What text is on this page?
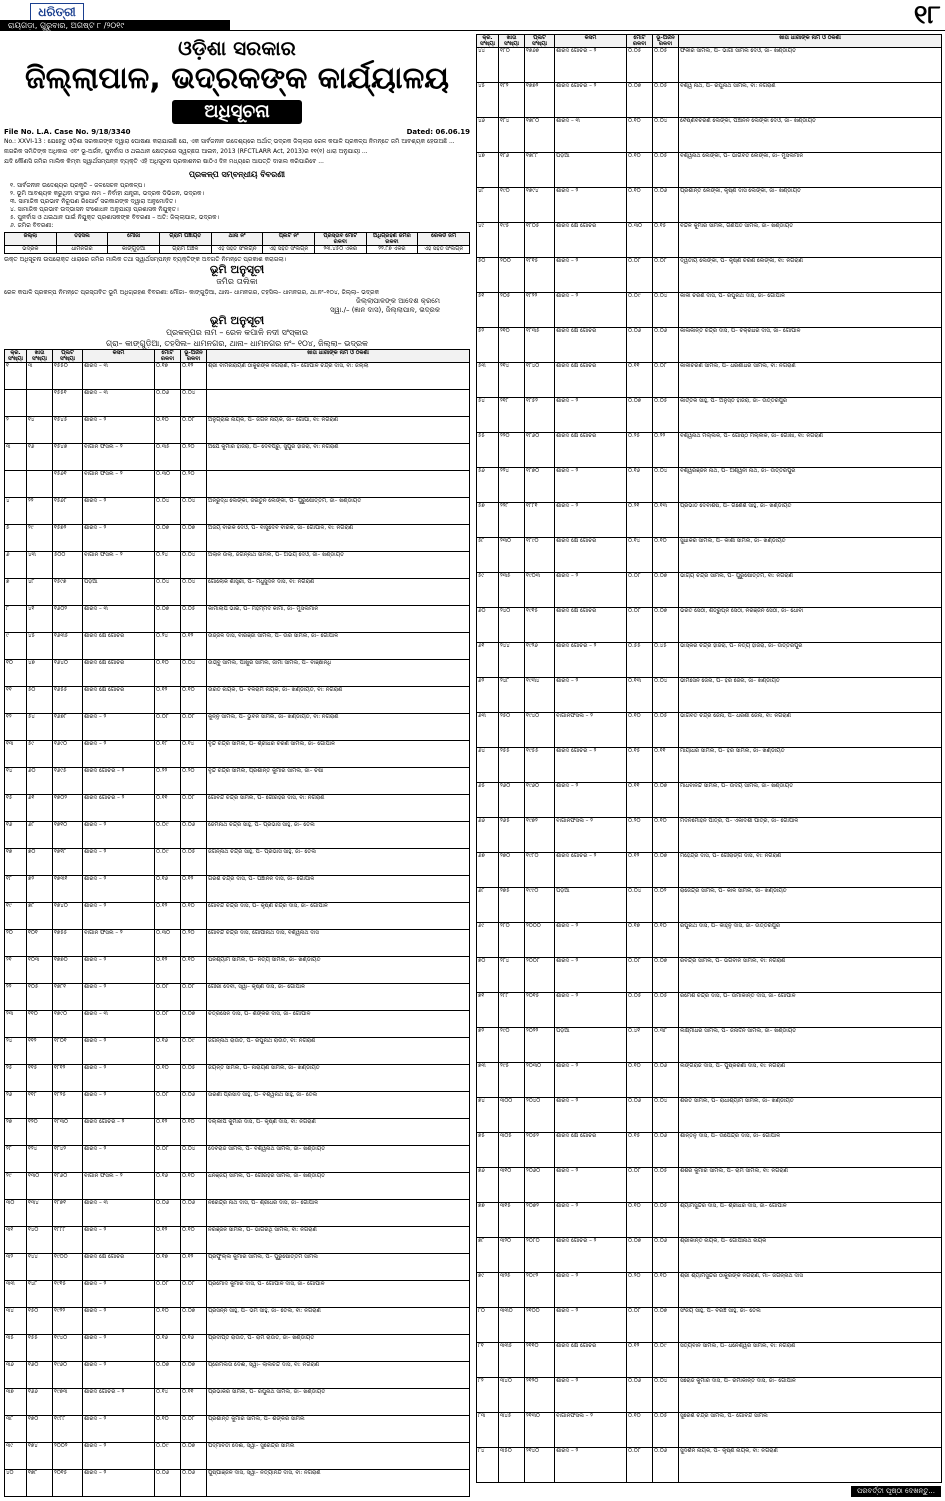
ଧରିତ୍ରୀ
ରାୟଗଡ଼ା, ଗୁରୁବାର, ଅଗଷ୍ଟ ୮ /୨୦୧୯	୧୮
ଓଡ଼ିଶା ସରକାର
ଜିଲ୍ଲାପାଳ, ଭଦ୍ରକଙ୍କ କାର୍ଯ୍ୟାଳୟ
ଅଧିସୂଚନା
File No. L.A. Case No. 9/18/3340	Dated: 06.06.19
No.: XXVI-13 : ଯେହେତୁ ଓଡ଼ିଶା ସରକାରଙ୍କ ଦ୍ୱାରା ଘୋଷଣା କରାଯାଇଛି ଯେ, ଏକ ସାର୍ବଜନୀନ ଉଦ୍ଦେଶ୍ୟରେ ଅର୍ଥାତ୍ ଭଦ୍ରକ ଜିଲ୍ଲାର ରେଳ କପାଳି ପ୍ରକଳ୍ପ ନିମନ୍ତେ ଜମି ଆବଶ୍ୟକ ହେଉଅଛି ...
ନାଗରିକ ସମିତିଙ୍କ ଅଧିକାର ଏବଂ ଭୂ-ଅର୍ଜନ, ପୁନର୍ବାସ ଓ ଥଇଥାନ କ୍ଷେତ୍ରରେ ସ୍ୱଚ୍ଛତା ଆଇନ, 2013 (RFCTLARR Act, 2013)ର ୧୧(୧) ଧାରା ଅନୁଯାୟୀ ...
ଯଦି କୌଣସି ଜମିର ମାଲିକ କିମ୍ବା ସ୍ୱାର୍ଥସମ୍ପନ୍ନ ବ୍ୟକ୍ତି ଏହି ଅଧିସୂଚନା ପ୍ରକାଶନର ଷାଠିଏ ଦିନ ମଧ୍ୟରେ ଆପତ୍ତି ଦାଖଲ କରିପାରିବେ ...
ପ୍ରକଳ୍ପ ସମ୍ବନ୍ଧୀୟ ବିବରଣୀ
୧. ସାର୍ବଜନୀନ ଉଦ୍ଦେଶ୍ୟର ପ୍ରକୃତି – ଜଳସେଚନ ପ୍ରକଳ୍ପ।
୨. ଭୂମି ଆବଶ୍ୟକ କରୁଥିବା ସଂସ୍ଥାର ନାମ – ନିର୍ବାହୀ ଯନ୍ତ୍ରୀ, ଭଦ୍ରକ ଡିଭିଜନ, ଭଦ୍ରକ।
୩. ସାମାଜିକ ପ୍ରଭାବ ନିରୂପଣ ରିପୋର୍ଟ ସରକାରଙ୍କ ଦ୍ୱାରା ଅନୁମୋଦିତ।
୪. ସାମାଜିକ ପ୍ରଭାବ ଉଦ୍ଭାସନ ସଂଶୋଧନ ଅନୁଯାୟୀ ପ୍ରଶାସକ ନିଯୁକ୍ତ।
୫. ପୁନର୍ବାସ ଓ ଥଇଥାନ ପାଇଁ ନିଯୁକ୍ତ ପ୍ରଶାସକଙ୍କ ବିବରଣୀ – ଅତି: ଜିଲ୍ଲାପାଳ, ଭଦ୍ରକ।
୬. ଜମିର ବିବରଣୀ:
ଜିଲ୍ଲା	ତହସିଲ	ମୌଜା	ଗ୍ରାମ ପଞ୍ଚାୟତ	ଥାନା ନଂ	ପ୍ଲଟ ନଂ	ପ୍ରସ୍ତାବ ମୋଟ ରକବା	ଅଧିଗ୍ରହଣ ଜମିର ରକବା	ରେକର୍ଡ ଜମି
ଭଦ୍ରକ	ଧାମନଗର	କାଙ୍ଗୁଡ଼ିଆ	ଗ୍ରାମ ଅଞ୍ଚଳ	ଏହି ସହିତ ସଂଲଗ୍ନ	ଏହି ସହିତ ସଂଲଗ୍ନ	୨୩.୪୫୦ ଏକର	୨୨.୮୭ ଏକର	ଏହି ସହିତ ସଂଲଗ୍ନ
ଉକ୍ତ ଅଧିସୂଚନା ଉପରୋକ୍ତ ଧାରାରେ ଜମିର ମାଲିକ ତଥା ସ୍ୱାର୍ଥସମ୍ପନ୍ନ ବ୍ୟକ୍ତିଙ୍କ ଅବଗତି ନିମନ୍ତେ ପ୍ରକାଶ କରାଗଲା।
ଭୂମି ଅନୁସୂଚୀ
ଜମିର ତାଲିକା
ରେଳ କପାଳି ପ୍ରକଳ୍ପ ନିମନ୍ତେ ପ୍ରସ୍ତାବିତ ଭୂମି ଅଧିଗ୍ରହଣ ବିବରଣୀ: ମୌଜା– କାଙ୍ଗୁଡ଼ିଆ, ଥାନା– ଧାମନଗର, ତହସିଲ– ଧାମନଗର, ଥା.ନଂ–୧୦୪, ଜିଲ୍ଲା– ଭଦ୍ରକ
ଜିଲ୍ଲାପାଳଙ୍କ ଆଦେଶ କ୍ରମେ
ସ୍ୱା./– (ଜ୍ଞାନ ଦାସ), ଜିଲ୍ଲାପାଳ, ଭଦ୍ରକ
ଭୂମି ଅନୁସୂଚୀ
ପ୍ରକଳ୍ପର ନାମ – ରେଳ କପାଳି ନଦୀ ସଂସ୍କାର
ଗ୍ରା– କାଙ୍ଗୁଡ଼ିଆ, ତହସିଲ– ଧାମନଗର, ଥାନା– ଧାମନଗର ନଂ– ୧୦୪, ଜିଲ୍ଲା– ଭଦ୍ରକ
କ୍ର. ସଂଖ୍ୟା	ଖାତା ସଂଖ୍ୟା	ପ୍ଲଟ ସଂଖ୍ୟା	କିସମ	ମୋଟ ରକବା	ଭୂ-ଅର୍ଜନ ରକବା	ଖାତା ଧାରୀଙ୍କ ନାମ ଓ ଠିକଣା
୧	୩	୧୫୫୦	ଶାରଦ – ୩	୦.୧୭	୦.୧୨	ଶ୍ରୀ ବାମନାରାୟଣ ଠାକୁରଙ୍କ ନିଗରାଣି, ମା– ଗୋପାଳ ଚନ୍ଦ୍ର ଦାସ, ବା: ଜିଲ୍ଲା
		୧୫୫୧	ଶାରଦ – ୩	୦.୦୬	୦.୦୪	
୨	୧୪	୧୫୪୫	ଶାରଦ – ୨	୦.୧୦	୦.୦୮	ଅନୁଗ୍ରାଇ ନାୟକ, ପି– ଜଗିନ ନାୟକ, ଜା– ଗୋପା, ବା: ନିଗରାଣି
୩	୧୬	୧୫୪୭	ବାଗାନ ଫସଲ – ୨	୦.୩୫	୦.୨୦	ଅଯେ କୁମାର ହାଜରା, ପି– ଦେବିପ୍ରୁ, ସୁପୁରି ହାଜରା, ବା: ନିଗରାଣି
		୧୫୬୧	ବାଗାନ ଫସଲ – ୨	୦.୩୦	୦.୨୦	
୪	୨୨	୧୫୬୮	ଶାରଦ – ୨	୦.୦୪	୦.୦୪	ଅନିରୁଦ୍ଧ ଲେଙ୍କା, ଜଇତୁନ ଲେଙ୍କା, ପି– ପୁରୁଷୋତ୍ତମ, ଜା– ଖଣ୍ଡାୟତ
୫	୨୯	୧୫୭୨	ଶାରଦ – ୨	୦.୦୭	୦.୦୭	ଅଜୟ ବାରିକ ଦେଓ, ପି– ବାସୁଦେବ ବାରିକ, ଜା– ଗୋପାଳ, ବା: ନିଗରାଣି
୬	୪୩	୫୦୦	ବାଗାନ ଫସଲ – ୨	୦.୨୪	୦.୦୪	ଅଲାନ ଉଲା, ଜଗନ୍ନାଥ ସାମଲ, ପି– ଅଭୟ ଦେଓ, ଜା– ଖଣ୍ଡାୟତ
୭	୪୮	୧୫୯୭	ପଡ଼ିଆ	୦.୦୪	୦.୦୪	ଗୋଲୋକ ଶାସ୍ତ୍ରୀ, ପି– ମଧୁସୁଦନ ଦାସ, ବା: ନିଗରାଣି
୮	୪୧	୧୬୦୨	ଶାରଦ – ୩	୦.୦୭	୦.୦୫	କାମାଲାପ ଭାଇ, ପି– ମହମ୍ମଦ କାମା, ଜା– ମୁସଲମାନ
୯	୪୫	୧୬୩୫	ଶାରଦ କ୍ଷେ ଗୋଚର	୦.୨୪	୦.୧୨	ଉଜ୍ଜଳ ଦାସ, ବାରଞ୍ଜା ସାମଲ, ପି– ଉରି ସାମଲ, ଜା– ଗୋପାଳ
୧୦	୪୭	୧୬୪୦	ଶାରଦ କ୍ଷେ ଗୋଚର	୦.୧୦	୦.୦୪	ଉର୍ଭ୍ବୁ ସାମଲ, ପାଖୁରି ସାମଲ, ଜାମା ସାମଲ, ପି– ବାଞ୍ଛାନିଧି
୧୧	୫୦	୧୬୫୫	ଶାରଦ କ୍ଷେ ଗୋଚର	୦.୧୨	୦.୧୦	ଉରିତି ନାୟକ, ପି– ବଳରାମ ନାୟକ, ଜା– ଖଣ୍ଡାୟତ, ବା: ନିଗରାଣି
୧୨	୫୪	୧୬୭୮	ଶାରଦ – ୨	୦.୦୮	୦.୦୮	କୁନ୍ନୁ ସାମଲ, ପି– ଭୁବନ ସାମଲ, ଜା– ଖଣ୍ଡାୟତ, ବା: ନିଗରାଣି
୧୩	୫୯	୧୬୯୦	ଶାରଦ – ୨	୦.୧୮	୦.୧୪	ବୃନ୍ଦ ଚନ୍ଦ୍ର ସାମଲ, ପି– ଶ୍ରୀଧର ଚରଣ ସାମଲ, ଜା– ଗୋପାଳ
୧୪	୬୦	୧୬୯୫	ଶାରଦ ଗୋଚର – ୨	୦.୨୨	୦.୨୦	ବୃନ୍ଦ ଚନ୍ଦ୍ର ସାମଲ, ପ୍ରଶାନ୍ତ କୁମାର ସାମଲ, ଜା– ଚଷା
୧୫	୬୧	୧୭୦୨	ଶାରଦ ଗୋଚର – ୨	୦.୧୧	୦.୦୮	ଗୋବିନ୍ଦ ଚନ୍ଦ୍ର ସାମଲ, ପି– ଗୌରହରି ଦାସ, ବା: ନିଗରାଣି
୧୬	୬୮	୧୭୧୦	ଶାରଦ – ୨	୦.୦୯	୦.୦୬	ଜେମିନାଥ ଚନ୍ଦ୍ର ସାହୁ, ପି– ପ୍ରଭାସ ସାହୁ, ଜା– ତେଲି
୧୭	୭୦	୧୭୧୮	ଶାରଦ – ୨	୦.୦୯	୦.୦୫	ଜଗନ୍ନାଥ ଚନ୍ଦ୍ର ସାହୁ, ପି– ପ୍ରଭାସ ସାହୁ, ଜା– ତେଲି
୧୮	୭୨	୧୭୩୧	ଶାରଦ – ୨	୦.୧୬	୦.୧୨	ଗିରିଶ ଚନ୍ଦ୍ର ଦାସ, ପି– ପଞ୍ଚାନନ ଦାସ, ଜା– ଗୋପାଳ
୧୯	୭୮	୧୭୪୦	ଶାରଦ – ୨	୦.୧୨	୦.୧୦	ଗୋବିନ୍ଦ ଚନ୍ଦ୍ର ଦାସ, ପି– କୃଷ୍ଣ ଚନ୍ଦ୍ର ଦାସ, ଜା– ଗୋପାଳ
୨୦	୧୦୧	୧୭୫୫	ବାଗାନ ଫସଲ – ୨	୦.୩୦	୦.୨୦	ଗୋବିନ୍ଦ ଚନ୍ଦ୍ର ଦାସ, ଗୋପୀନାଥ ଦାସ, ବିଶ୍ୱନାଥ ଦାସ
୨୧	୧୦୩	୧୭୭୦	ଶାରଦ – ୨	୦.୧୨	୦.୧୦	ଘନଶ୍ୟାମ ସାମଲ, ପି– ନିତ୍ୟ ସାମଲ, ଜା– ଖଣ୍ଡାୟତ
୨୨	୧୦୫	୧୭୮୧	ଶାରଦ – ୨	୦.୦୮	୦.୦୮	ଗୌରୀ ଦେବୀ, ସ୍ୱା– କୃଷ୍ଣ ଦାସ, ଜା– ଗୋପାଳ
୨୩	୧୧୦	୧୭୯୦	ଶାରଦ – ୩	୦.୦୮	୦.୦୭	ଚିତ୍ରସେନ ଦାସ, ପି– ଶଙ୍କର ଦାସ, ଜା– ଗୋପାଳ
୨୪	୧୧୨	୧୮୦୧	ଶାରଦ – ୨	୦.୧୬	୦.୦୯	ଜଗନ୍ନାଥ ରାଉତ, ପି– ରଘୁନାଥ ରାଉତ, ବା: ନିଗରାଣି
୨୫	୧୧୫	୧୮୧୨	ଶାରଦ – ୨	୦.୧୦	୦.୦୫	ଜୟନ୍ତ ସାମଲ, ପି– ନାରାୟଣ ସାମଲ, ଜା– ଖଣ୍ଡାୟତ
୨୬	୧୧୮	୧୮୨୫	ଶାରଦ – ୨	୦.୦୮	୦.୦୬	ତାରିଣୀ ପ୍ରସାଦ ସାହୁ, ପି– ବିଶ୍ୱନାଥ ସାହୁ, ଜା– ତେଲି
୨୭	୧୨୦	୧୮୩୦	ଶାରଦ ଗୋଚର – ୨	୦.୧୨	୦.୧୦	ଦିଲ୍ଲୀପ କୁମାର ଦାସ, ପି– କୃଷ୍ଣ ଦାସ, ବା: ନିଗରାଣି
୨୮	୧୨୪	୧୮୪୨	ଶାରଦ – ୨	୦.୦୮	୦.୦୪	ଦେବରାଜ ସାମଲ, ପି– ବିଶ୍ୱନାଥ ସାମଲ, ଜା– ଖଣ୍ଡାୟତ
୨୯	୧୩୦	୧୮୬୦	ବାଗାନ ଫସଲ – ୨	୦.୧୬	୦.୧୦	ଧନଞ୍ଜୟ ସାମଲ, ପି– ଗୌରହରି ସାମଲ, ଜା– ଖଣ୍ଡାୟତ
୩୦	୧୩୪	୧୮୭୧	ଶାରଦ – ୩	୦.୦୬	୦.୦୬	ନରେନ୍ଦ୍ର ନାଥ ଦାସ, ପି– ଶ୍ରୀଧର ଦାସ, ଜା– ଗୋପାଳ
୩୧	୧୪୦	୧୮୮୮	ଶାରଦ – ୨	୦.୧୨	୦.୧୦	ନିରଞ୍ଜନ ସାମଲ, ପି– ଭାଗିରଥି ସାମଲ, ବା: ନିଗରାଣି
୩୨	୧୪୪	୧୯୦୦	ଶାରଦ କ୍ଷେ ଗୋଚର	୦.୧୭	୦.୧୨	ପ୍ରଫୁଲ୍ଲ କୁମାର ସାମଲ, ପି– ପୁରୁଷୋତ୍ତମ ସାମଲ
୩୩	୧୪୮	୧୯୧୫	ଶାରଦ – ୨	୦.୦୮	୦.୦୮	ପ୍ରମୋଦ କୁମାର ଦାସ, ପି– ଗୋପାଳ ଦାସ, ଜା– ଗୋପାଳ
୩୪	୧୫୦	୧୯୨୨	ଶାରଦ – ୨	୦.୧୦	୦.୦୭	ପ୍ରସନ୍ନ ସାହୁ, ପି– ଭିମ ସାହୁ, ଜା– ତେଲି, ବା: ନିଗରାଣି
୩୫	୧୫୫	୧୯୪୦	ଶାରଦ – ୨	୦.୧୬	୦.୧୬	ପ୍ରଦୀପ୍ତ ରାଉତ, ପି– ରାମ ରାଉତ, ଜା– ଖଣ୍ଡାୟତ
୩୬	୧୬୦	୧୯୬୦	ଶାରଦ – ୨	୦.୦୭	୦.୦୭	ପ୍ରେମଲତା ଦେଈ, ସ୍ୱା– ଲାଲଚନ୍ଦ ଦାସ, ବା: ନିଗରାଣି
୩୭	୧୬୬	୧୯୭୩	ଶାରଦ ଗୋଚର – ୨	୦.୧୪	୦.୧୧	ପ୍ରଭାକର ସାମଲ, ପି– ରଘୁନାଥ ସାମଲ, ଜା– ଖଣ୍ଡାୟତ
୩୮	୧୭୦	୧୯୮୮	ଶାରଦ – ୨	୦.୧୦	୦.୦୮	ପ୍ରଶାନ୍ତ କୁମାର ସାମଲ, ପି– ଶଙ୍କର ସାମଲ
୩୯	୧୭୪	୨୦୦୨	ଶାରଦ – ୨	୦.୦୯	୦.୦୭	ପଦ୍ମାବତୀ ଦେଈ, ସ୍ୱା– ସୁରେନ୍ଦ୍ର ସାମଲ
୪୦	୧୭୮	୨୦୧୫	ଶାରଦ – ୨	୦.୦୬	୦.୦୬	ପୁଷ୍ପାଞ୍ଜଳି ଦାସ, ସ୍ୱା– ନିତ୍ୟାନନ୍ଦ ଦାସ, ବା: ନିଗରାଣି
କ୍ର. ସଂଖ୍ୟା	ଖାତା ସଂଖ୍ୟା	ପ୍ଲଟ ସଂଖ୍ୟା	କିସମ	ମୋଟ ରକବା	ଭୂ-ଅର୍ଜନ ରକବା	ଖାତା ଧାରୀଙ୍କ ନାମ ଓ ଠିକଣା
୪୪	୧୮୦	୧୭୬୭	ଶାରଦ ଗୋଚର – ୨	୦.୦୫	୦.୦୫	ଫକୀର ସାମଲ, ପି– ଭାଗୀ ସାମଲ ଦେଓ, ଜା– ଖଣ୍ଡାୟତ
୪୫	୧୮୨	୧୭୭୨	ଶାରଦ ଗୋଚର – ୨	୦.୦୭	୦.୦୫	ବିଶ୍ୱ ନାଥ, ପି– ରଘୁନାଥ ସାମଲ, ବା: ନିଗରାଣି
୪୬	୧୮୪	୧୭୮୦	ଶାରଦ – ୩	୦.୧୦	୦.୦୪	ବୈଷ୍ଣବଚରଣ ଲେଙ୍କା, ପଞ୍ଚାନନ ଲେଙ୍କା ଦେଓ, ଜା– ଖଣ୍ଡାୟତ
୪୭	୧୮୬	୧୭୮୮	ପଡ଼ିଆ	୦.୧୦	୦.୦୫	ବିଶ୍ୱନାଥ ଲେଙ୍କା, ପି– ଭାଗବତ ଲେଙ୍କା, ଜା– ମୁସଲମାନ
୪୮	୧୯୦	୧୭୯୪	ଶାରଦ – ୨	୦.୧୦	୦.୦୬	ପ୍ରଶାନ୍ତ ଲେଙ୍କା, କୃଷ୍ଣ ଦାସ ଲେଙ୍କା, ଜା– ଖଣ୍ଡାୟତ
୪୯	୧୯୫	୧୮୦୫	ଶାରଦ କ୍ଷେ ଗୋଚର	୦.୩୦	୦.୧୫	ବନ୍ଦଳ କୁମାର ସାମଲ, ଗଣପତି ସାମଲ, ଜା– ଖଣ୍ଡାୟତ
୫୦	୨୦୦	୧୮୧୫	ଶାରଦ – ୨	୦.୦୮	୦.୦୮	ଦ୍ୱିତୀୟ ଲେଙ୍କା, ପି– କୃଷ୍ଣ ଚରଣ ଲେଙ୍କା, ବା: ନିଗରାଣି
୫୧	୨୦୫	୧୮୨୨	ଶାରଦ – ୨	୦.୦୯	୦.୦୪	କାଳୀ ଚରଣ ଦାସ, ପି– ରଘୁନାଥ ଦାସ, ଜା– ଗୋପାଳ
୫୨	୨୧୦	୧୮୩୫	ଶାରଦ କ୍ଷେ ଗୋଚର	୦.୦୬	୦.୦୬	କାଳାକାନ୍ତ ଚନ୍ଦ୍ର ଦାସ, ପି– ଚକ୍ରଧର ଦାସ, ଜା– ଗୋପାଳ
୫୩	୨୧୪	୧୮୪୦	ଶାରଦ କ୍ଷେ ଗୋଚର	୦.୧୧	୦.୦୮	କାଳୀଚରଣ ସାମଲ, ପି– ଧରଣୀଧର ସାମଲ, ବା: ନିଗରାଣି
୫୪	୨୧୮	୧୮୫୨	ଶାରଦ – ୨	୦.୦୭	୦.୦୫	କାର୍ତ୍ତିକ ସାହୁ, ପି– ଅନୁସ୍ତ ହାଜରା, ଜା– ଉତ୍ତରପୁର
୫୫	୨୨୦	୧୮୬୦	ଶାରଦ କ୍ଷେ ଗୋଚର	୦.୨୫	୦.୨୨	ବିଶ୍ୱନାଥ ମଲ୍ଲିକ, ପି– ଗୋଷ୍ଠ ମଲ୍ଲିକ, ଜା– ଗୋଖା, ବା: ନିଗରାଣି
୫୬	୨୨୪	୧୮୭୦	ଶାରଦ – ୨	୦.୧୬	୦.୦୪	ବିଶ୍ୱରଞ୍ଜନ ନାଥ, ପି– ଅଶ୍ୱିନୀ ନାଥ, ଜା– ଉତ୍ତରପୁର
୫୭	୨୨୮	୧୮୮୧	ଶାରଦ – ୨	୦.୨୧	୦.୧୩	ପ୍ରଭାତ ଦେବାଶିଷ, ପି– ଗଣେଶ ସାହୁ, ଜା– ଖଣ୍ଡାୟତ
୫୮	୨୩୦	୧୮୯୦	ଶାରଦ କ୍ଷେ ଗୋଚର	୦.୧୪	୦.୧୦	ସୁଧାକର ସାମଲ, ପି– କାଶୀ ସାମଲ, ଜା– ଖଣ୍ଡାୟତ
୫୯	୨୩୫	୧୯୦୩	ଶାରଦ – ୨	୦.୦୮	୦.୦୭	ଭାଗ୍ୟ ଚନ୍ଦ୍ର ସାମଲ, ପି– ପୁରୁଷୋତ୍ତମ, ବା: ନିଗରାଣି
୬୦	୨୪୦	୧୯୧୫	ଶାରଦ କ୍ଷେ ଗୋଚର	୦.୦୮	୦.୦୭	ଭରତ ସେଠୀ, ଶତ୍ରୁଘ୍ନ ସେଠୀ, ନିରଞ୍ଜନ ସେଠୀ, ଜା– ଧୋବା
୬୧	୨୪୪	୧୯୨୬	ଶାରଦ ଗୋଚର – ୨	୦.୫୫	୦.୪୫	ଭାସ୍କର ଚନ୍ଦ୍ର ହାଜରା, ପି– ନିତ୍ୟ ହାଜରା, ଜା– ଉତ୍ତରପୁର
୬୨	୨୪୮	୧୯୩୪	ଶାରଦ – ୨	୦.୧୩	୦.୦୪	ଭୀମସେନ ଜେନା, ପି– ହରି ଜେନା, ଜା– ଖଣ୍ଡାୟତ
୬୩	୨୫୦	୧୯୪୦	ବାଗାନଫସଲ – ୨	୦.୧୦	୦.୦୫	ଭାଗବତ ଚନ୍ଦ୍ର ଜେନା, ପି– ଧରଣୀ ଜେନା, ବା: ନିଗରାଣି
୬୪	୨୫୫	୧୯୫୫	ଶାରଦ ଗୋଚର – ୨	୦.୧୫	୦.୧୧	ମାୟାଧର ସାମଲ, ପି– ହରି ସାମଲ, ଜା– ଖଣ୍ଡାୟତ
୬୫	୨୬୦	୧୯୬୦	ଶାରଦ – ୨	୦.୧୧	୦.୦୭	ମାଧବାନନ୍ଦ ସାମଲ, ପି– ଉଦୟ ସାମଲ, ଜା– ଖଣ୍ଡାୟତ
୬୬	୨୬୫	୧୯୭୨	ବାଗାନଫସଲ – ୨	୦.୨୦	୦.୧୦	ମଦନମୋହନ ପାତ୍ର, ପି– ଏକାଦଶୀ ପାତ୍ର, ଜା– ଗୋପାଳ
୬୭	୨୭୦	୧୯୮୦	ଶାରଦ ଗୋଚର – ୨	୦.୧୨	୦.୦୭	ମହେନ୍ଦ୍ର ଦାସ, ପି– ଗୌରାଙ୍ଗ ଦାସ, ବା: ନିଗରାଣି
୬୮	୨୭୫	୧୯୯୦	ପଡ଼ିଆ	୦.୦୪	୦.୦୨	ରାଜେନ୍ଦ୍ର ସାମଲ, ପି– କାଳି ସାମଲ, ଜା– ଖଣ୍ଡାୟତ
୬୯	୨୮୦	୨୦୦୦	ଶାରଦ – ୨	୦.୧୭	୦.୧୦	ରଘୁନାଥ ଦାସ, ପି– କାହ୍ନୁ ଦାସ, ଜା– ଉତ୍ତରପୁର
୭୦	୨୮୪	୨୦୦୮	ଶାରଦ – ୨	୦.୦୮	୦.୦୭	ରବିନ୍ଦ୍ର ସାମଲ, ପି– ଭଗବାନ ସାମଲ, ବା: ନିଗରାଣି
୭୧	୨୮୮	୨୦୧୫	ଶାରଦ – ୨	୦.୦୫	୦.୦୫	ରମେଶ ଚନ୍ଦ୍ର ଦାସ, ପି– ଉମାକାନ୍ତ ଦାସ, ଜା– ଗୋପାଳ
୭୨	୨୯୦	୨୦୨୨	ପଡ଼ିଆ	୦.୪୧	୦.୩୮	ଲକ୍ଷ୍ମୀଧର ସାମଲ, ପି– ଜନାର୍ଦ୍ଦନ ସାମଲ, ଜା– ଖଣ୍ଡାୟତ
୭୩	୨୯୫	୨୦୩୦	ଶାରଦ – ୨	୦.୧୦	୦.୦୬	ଲିଙ୍ଗରାଜ ଦାସ, ପି– ପୁଷ୍କରିଣୀ ଦାସ, ବା: ନିଗରାଣି
୭୪	୩୦୦	୨୦୪୦	ଶାରଦ – ୨	୦.୦୬	୦.୦୪	ଶରତ ସାମଲ, ପି– ରାଧାଶ୍ୟାମ ସାମଲ, ଜା– ଖଣ୍ଡାୟତ
୭୫	୩୦୫	୨୦୫୨	ଶାରଦ କ୍ଷେ ଗୋଚର	୦.୧୫	୦.୦୬	ଶାନ୍ତନୁ ଦାସ, ପି– ଉପେନ୍ଦ୍ର ଦାସ, ଜା– ଗୋପାଳ
୭୬	୩୧୦	୨୦୬୦	ଶାରଦ – ୨	୦.୦୮	୦.୦୫	ଶିଶିର କୁମାର ସାମଲ, ପି– ରାମ ସାମଲ, ବା: ନିଗରାଣି
୭୭	୩୧୫	୨୦୭୨	ଶାରଦ – ୨	୦.୧୦	୦.୦୫	ଶ୍ୟାମସୁନ୍ଦର ଦାସ, ପି– ଶ୍ରୀଧର ଦାସ, ଜା– ଗୋପାଳ
୭୮	୩୨୦	୨୦୮୦	ଶାରଦ ଗୋଚର – ୨	୦.୦୭	୦.୦୬	ଶ୍ରୀକାନ୍ତ ନାୟକ, ପି– ଗୋପୀନାଥ ନାୟକ
୭୯	୩୨୫	୨୦୯୨	ଶାରଦ – ୨	୦.୨୦	୦.୧୦	ଶ୍ରୀ ଶ୍ୟାମସୁନ୍ଦର ଠାକୁରଙ୍କ ନିଗରାଣି, ମା– ଜଗନ୍ନାଥ ଦାସ
୮୦	୩୩୦	୨୧୦୦	ଶାରଦ – ୨	୦.୦୮	୦.୦୭	ସଂଜୟ ସାହୁ, ପି– ବିରଞ୍ଚି ସାହୁ, ଜା– ତେଲି
୮୧	୩୩୫	୨୧୧୦	ଶାରଦ କ୍ଷେ ଗୋଚର	୦.୧୨	୦.୦୯	ସତ୍ୟବାନ ସାମଲ, ପି– ଧନେଶ୍ୱର ସାମଲ, ବା: ନିଗରାଣି
୮୨	୩୪୦	୨୧୨୦	ଶାରଦ – ୨	୦.୦୬	୦.୦୪	ସରୋଜ କୁମାର ଦାସ, ପି– ରମାକାନ୍ତ ଦାସ, ଜା– ଗୋପାଳ
୮୩	୩୪୫	୨୧୩୦	ବାଗାନଫସଲ – ୨	୦.୧୦	୦.୦୫	ସୁରେଶ ଚନ୍ଦ୍ର ସାମଲ, ପି– ଗୋବିନ୍ଦ ସାମଲ
୮୪	୩୫୦	୨୧୪୦	ଶାରଦ – ୨	୦.୦୮	୦.୦୬	ସୁଦର୍ଶନ ନାୟକ, ପି– କୃଷ୍ଣ ନାୟକ, ବା: ନିଗରାଣି
ପରବର୍ତ୍ତୀ ପୃଷ୍ଠା ଦେଖନ୍ତୁ...
